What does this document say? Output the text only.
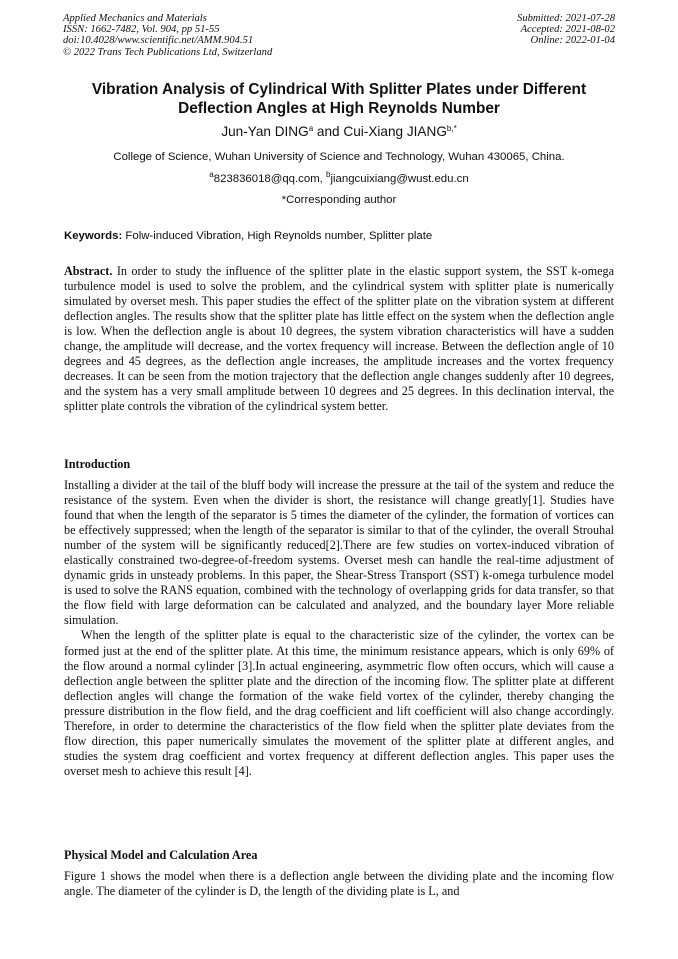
Applied Mechanics and Materials
ISSN: 1662-7482, Vol. 904, pp 51-55
doi:10.4028/www.scientific.net/AMM.904.51
© 2022 Trans Tech Publications Ltd, Switzerland
Submitted: 2021-07-28
Accepted: 2021-08-02
Online: 2022-01-04
Vibration Analysis of Cylindrical With Splitter Plates under Different
Deflection Angles at High Reynolds Number
Jun-Yan DING$^a$ and Cui-Xiang $JIANG^{b,*}$
College of Science, Wuhan University of Science and Technology, Wuhan 430065, China.
$^a$823836018@qq.com, $^b$jiangcuixiang@wust.edu.cn
*Corresponding author
Keywords: Folw-induced Vibration, High Reynolds number, Splitter plate

Abstract. In order to study the influence of the splitter plate in the elastic support system, the SST k-omega turbulence model is used to solve the problem, and the cylindrical system with splitter plate is numerically simulated by overset mesh. This paper studies the effect of the splitter plate on the vibration system at different deflection angles. The results show that the splitter plate has little effect on the system when the deflection angle is low. When the deflection angle is about 10 degrees, the system vibration characteristics will have a sudden change, the amplitude will decrease, and the vortex frequency will increase. Between the deflection angle of 10 degrees and 45 degrees, as the deflection angle increases, the amplitude increases and the vortex frequency decreases. It can be seen from the motion trajectory that the deflection angle changes suddenly after 10 degrees, and the system has a very small amplitude between 10 degrees and 25 degrees. In this declination interval, the splitter plate controls the vibration of the cylindrical system better.

Introduction

Installing a divider at the tail of the bluff body will increase the pressure at the tail of the system and reduce the resistance of the system. Even when the divider is short, the resistance will change greatly[1]. Studies have found that when the length of the separator is 5 times the diameter of the cylinder, the formation of vortices can be effectively suppressed; when the length of the separator is similar to that of the cylinder, the overall Strouhal number of the system will be significantly reduced[2].There are few studies on vortex-induced vibration of elastically constrained two-degree-of-freedom systems. Overset mesh can handle the real-time adjustment of dynamic grids in unsteady problems. In this paper, the Shear-Stress Transport (SST) k-omega turbulence model is used to solve the RANS equation, combined with the technology of overlapping grids for data transfer, so that the flow field with large deformation can be calculated and analyzed, and the boundary layer More reliable simulation.

When the length of the splitter plate is equal to the characteristic size of the cylinder, the vortex can be formed just at the end of the splitter plate. At this time, the minimum resistance appears, which is only 69% of the flow around a normal cylinder [3].In actual engineering, asymmetric flow often occurs, which will cause a deflection angle between the splitter plate and the direction of the incoming flow. The splitter plate at different deflection angles will change the formation of the wake field vortex of the cylinder, thereby changing the pressure distribution in the flow field, and the drag coefficient and lift coefficient will also change accordingly. Therefore, in order to determine the characteristics of the flow field when the splitter plate deviates from the flow direction, this paper numerically simulates the movement of the splitter plate at different angles, and studies the system drag coefficient and vortex frequency at different deflection angles. This paper uses the overset mesh to achieve this result [4].

Physical Model and Calculation Area

Figure 1 shows the model when there is a deflection angle between the dividing plate and the incoming flow angle. The diameter of the cylinder is D, the length of the dividing plate is L, and
